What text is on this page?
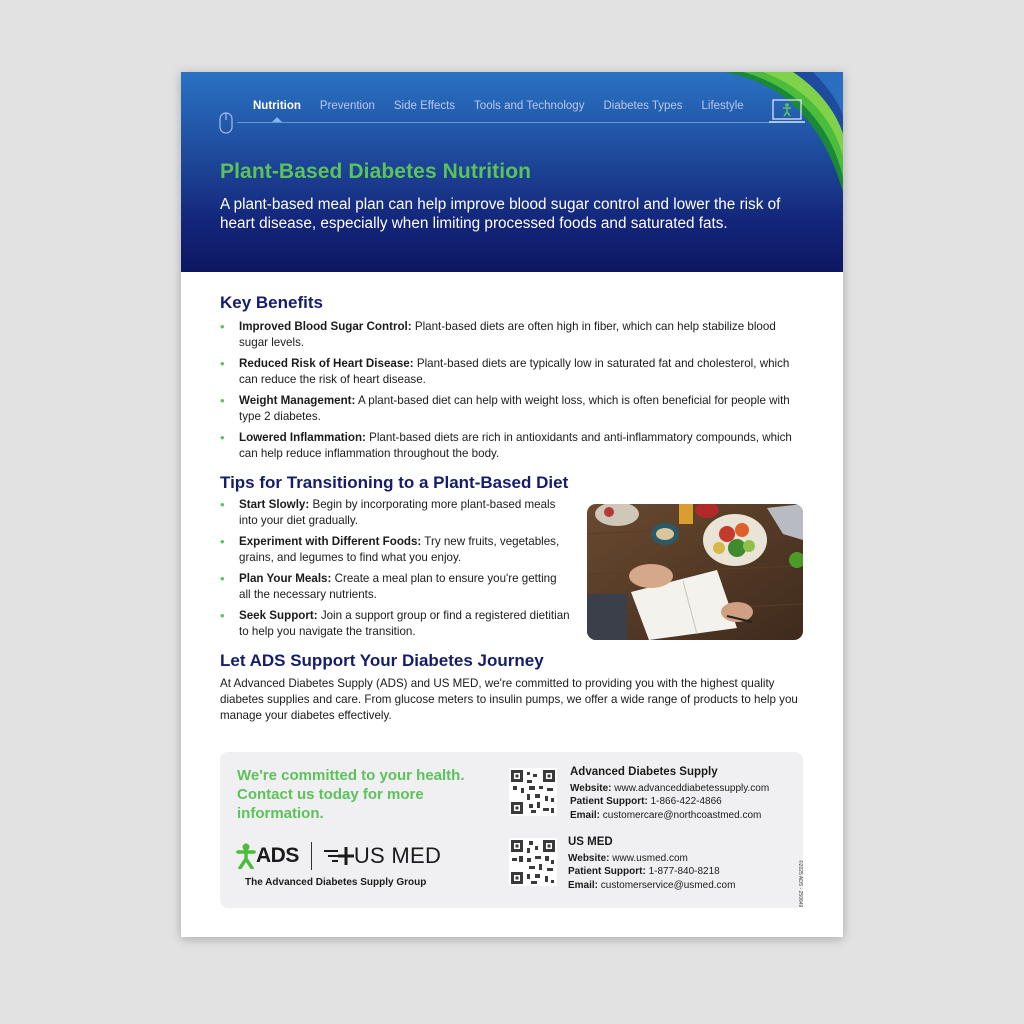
Nutrition Prevention Side Effects Tools and Technology Diabetes Types Lifestyle
Plant-Based Diabetes Nutrition
A plant-based meal plan can help improve blood sugar control and lower the risk of heart disease, especially when limiting processed foods and saturated fats.
Key Benefits
• Improved Blood Sugar Control: Plant-based diets are often high in fiber, which can help stabilize blood sugar levels.
• Reduced Risk of Heart Disease: Plant-based diets are typically low in saturated fat and cholesterol, which can reduce the risk of heart disease.
• Weight Management: A plant-based diet can help with weight loss, which is often beneficial for people with type 2 diabetes.
• Lowered Inflammation: Plant-based diets are rich in antioxidants and anti-inflammatory compounds, which can help reduce inflammation throughout the body.
Tips for Transitioning to a Plant-Based Diet
• Start Slowly: Begin by incorporating more plant-based meals into your diet gradually.
• Experiment with Different Foods: Try new fruits, vegetables, grains, and legumes to find what you enjoy.
• Plan Your Meals: Create a meal plan to ensure you're getting all the necessary nutrients.
• Seek Support: Join a support group or find a registered dietitian to help you navigate the transition.
Let ADS Support Your Diabetes Journey
At Advanced Diabetes Supply (ADS) and US MED, we're committed to providing you with the highest quality diabetes supplies and care. From glucose meters to insulin pumps, we offer a wide range of products to help you manage your diabetes effectively.
We're committed to your health. Contact us today for more information.
ADS	US MED
The Advanced Diabetes Supply Group
Advanced Diabetes Supply
Website: www.advanceddiabetessupply.com
Patient Support: 1-866-422-4866
Email: customercare@northcoastmed.com
US MED
Website: www.usmed.com
Patient Support: 1-877-840-8218
Email: customerservice@usmed.com	©2025 ADS - 250649
